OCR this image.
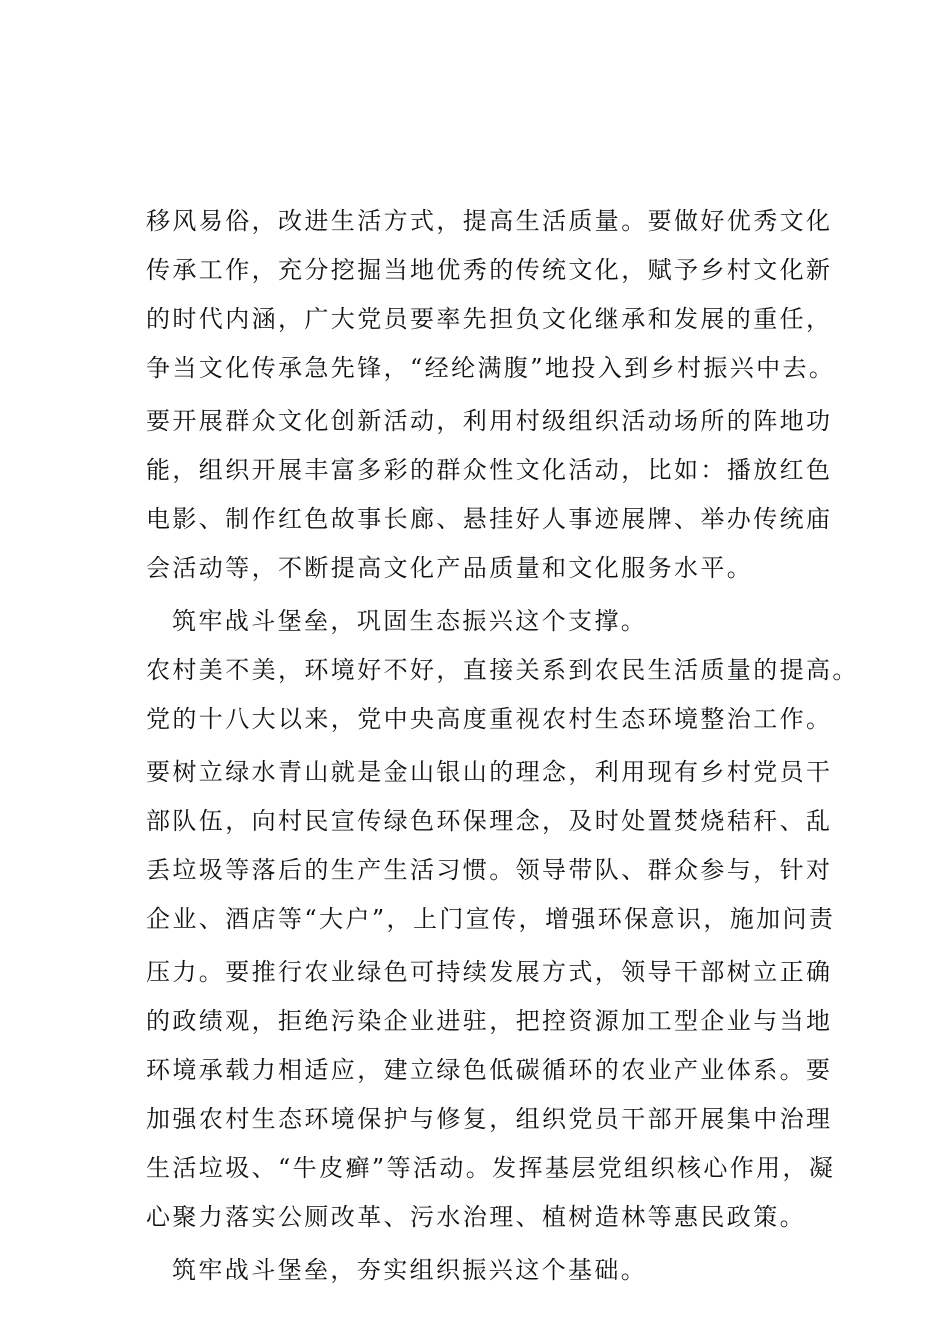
移风易俗，改进生活方式，提高生活质量。要做好优秀文化
传承工作，充分挖掘当地优秀的传统文化，赋予乡村文化新
的时代内涵，广大党员要率先担负文化继承和发展的重任，
争当文化传承急先锋，“经纶满腹”地投入到乡村振兴中去。
要开展群众文化创新活动，利用村级组织活动场所的阵地功
能，组织开展丰富多彩的群众性文化活动，比如：播放红色
电影、制作红色故事长廊、悬挂好人事迹展牌、举办传统庙
会活动等，不断提高文化产品质量和文化服务水平。
筑牢战斗堡垒，巩固生态振兴这个支撑。
农村美不美，环境好不好，直接关系到农民生活质量的提高。
党的十八大以来，党中央高度重视农村生态环境整治工作。
要树立绿水青山就是金山银山的理念，利用现有乡村党员干
部队伍，向村民宣传绿色环保理念，及时处置焚烧秸秆、乱
丢垃圾等落后的生产生活习惯。领导带队、群众参与，针对
企业、酒店等“大户”，上门宣传，增强环保意识，施加问责
压力。要推行农业绿色可持续发展方式，领导干部树立正确
的政绩观，拒绝污染企业进驻，把控资源加工型企业与当地
环境承载力相适应，建立绿色低碳循环的农业产业体系。要
加强农村生态环境保护与修复，组织党员干部开展集中治理
生活垃圾、“牛皮癣”等活动。发挥基层党组织核心作用，凝
心聚力落实公厕改革、污水治理、植树造林等惠民政策。
筑牢战斗堡垒，夯实组织振兴这个基础。
